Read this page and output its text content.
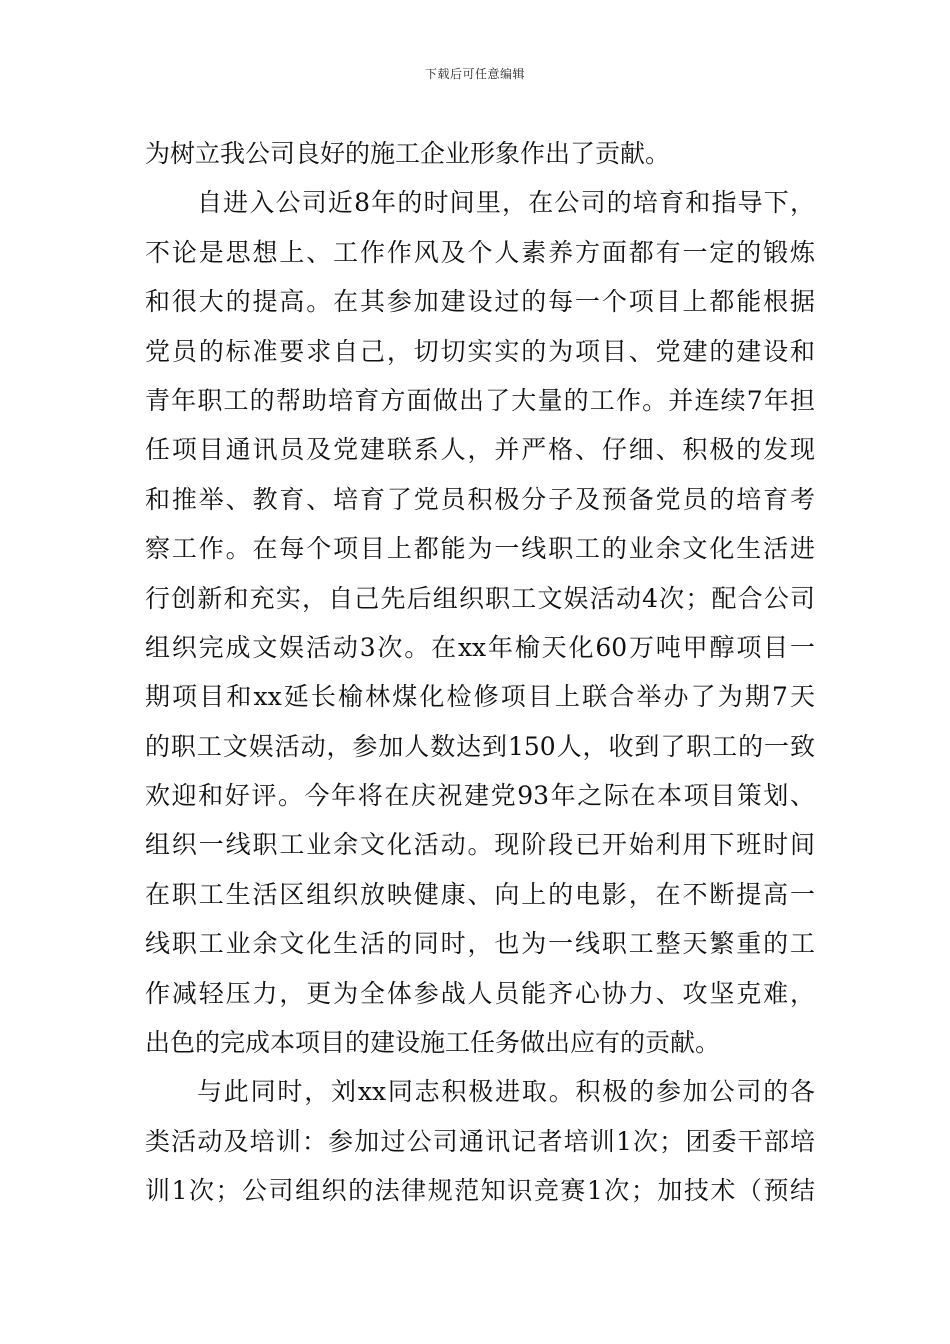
下载后可任意编辑
为树立我公司良好的施工企业形象作出了贡献。
自进入公司近8年的时间里，在公司的培育和指导下，
不论是思想上、工作作风及个人素养方面都有一定的锻炼
和很大的提高。在其参加建设过的每一个项目上都能根据
党员的标准要求自己，切切实实的为项目、党建的建设和
青年职工的帮助培育方面做出了大量的工作。并连续7年担
任项目通讯员及党建联系人，并严格、仔细、积极的发现
和推举、教育、培育了党员积极分子及预备党员的培育考
察工作。在每个项目上都能为一线职工的业余文化生活进
行创新和充实，自己先后组织职工文娱活动4次；配合公司
组织完成文娱活动3次。在xx年榆天化60万吨甲醇项目一
期项目和xx延长榆林煤化检修项目上联合举办了为期7天
的职工文娱活动，参加人数达到150人，收到了职工的一致
欢迎和好评。今年将在庆祝建党93年之际在本项目策划、
组织一线职工业余文化活动。现阶段已开始利用下班时间
在职工生活区组织放映健康、向上的电影，在不断提高一
线职工业余文化生活的同时，也为一线职工整天繁重的工
作减轻压力，更为全体参战人员能齐心协力、攻坚克难，
出色的完成本项目的建设施工任务做出应有的贡献。
与此同时，刘xx同志积极进取。积极的参加公司的各
类活动及培训：参加过公司通讯记者培训1次；团委干部培
训1次；公司组织的法律规范知识竞赛1次；加技术（预结
